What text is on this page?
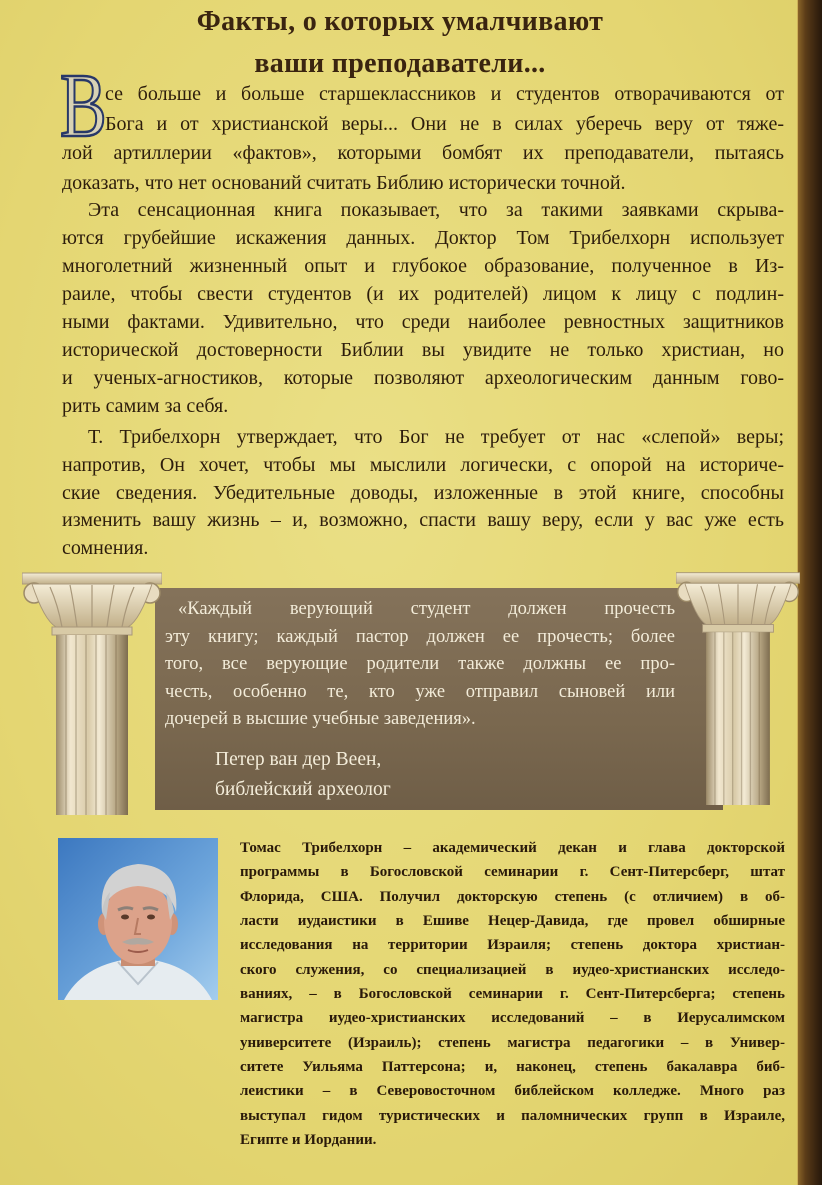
Факты, о которых умалчивают
ваши преподаватели...
В
се больше и больше старшеклассников и студентов отворачиваются от
Бога и от христианской веры... Они не в силах уберечь веру от тяже-
лой артиллерии «фактов», которыми бомбят их преподаватели, пытаясь
доказать, что нет оснований считать Библию исторически точной.
Эта сенсационная книга показывает, что за такими заявками скрыва-
ются грубейшие искажения данных. Доктор Том Трибелхорн использует
многолетний жизненный опыт и глубокое образование, полученное в Из-
раиле, чтобы свести студентов (и их родителей) лицом к лицу с подлин-
ными фактами. Удивительно, что среди наиболее ревностных защитников
исторической достоверности Библии вы увидите не только христиан, но
и ученых-агностиков, которые позволяют археологическим данным гово-
рить самим за себя.
Т. Трибелхорн утверждает, что Бог не требует от нас «слепой» веры;
напротив, Он хочет, чтобы мы мыслили логически, с опорой на историче-
ские сведения. Убедительные доводы, изложенные в этой книге, способны
изменить вашу жизнь – и, возможно, спасти вашу веру, если у вас уже есть
сомнения.
«Каждый верующий студент должен прочесть
эту книгу; каждый пастор должен ее прочесть; более
того, все верующие родители также должны ее про-
честь, особенно те, кто уже отправил сыновей или
дочерей в высшие учебные заведения».
Петер ван дер Веен,
библейский археолог
Томас Трибелхорн – академический декан и глава докторской
программы в Богословской семинарии г. Сент-Питерсберг, штат
Флорида, США. Получил докторскую степень (с отличием) в об-
ласти иудаистики в Ешиве Нецер-Давида, где провел обширные
исследования на территории Израиля; степень доктора христиан-
ского служения, со специализацией в иудео-христианских исследо-
ваниях, – в Богословской семинарии г. Сент-Питерсберга; степень
магистра иудео-христианских исследований – в Иерусалимском
университете (Израиль); степень магистра педагогики – в Универ-
ситете Уильяма Паттерсона; и, наконец, степень бакалавра биб-
леистики – в Северовосточном библейском колледже. Много раз
выступал гидом туристических и паломнических групп в Израиле,
Египте и Иордании.
